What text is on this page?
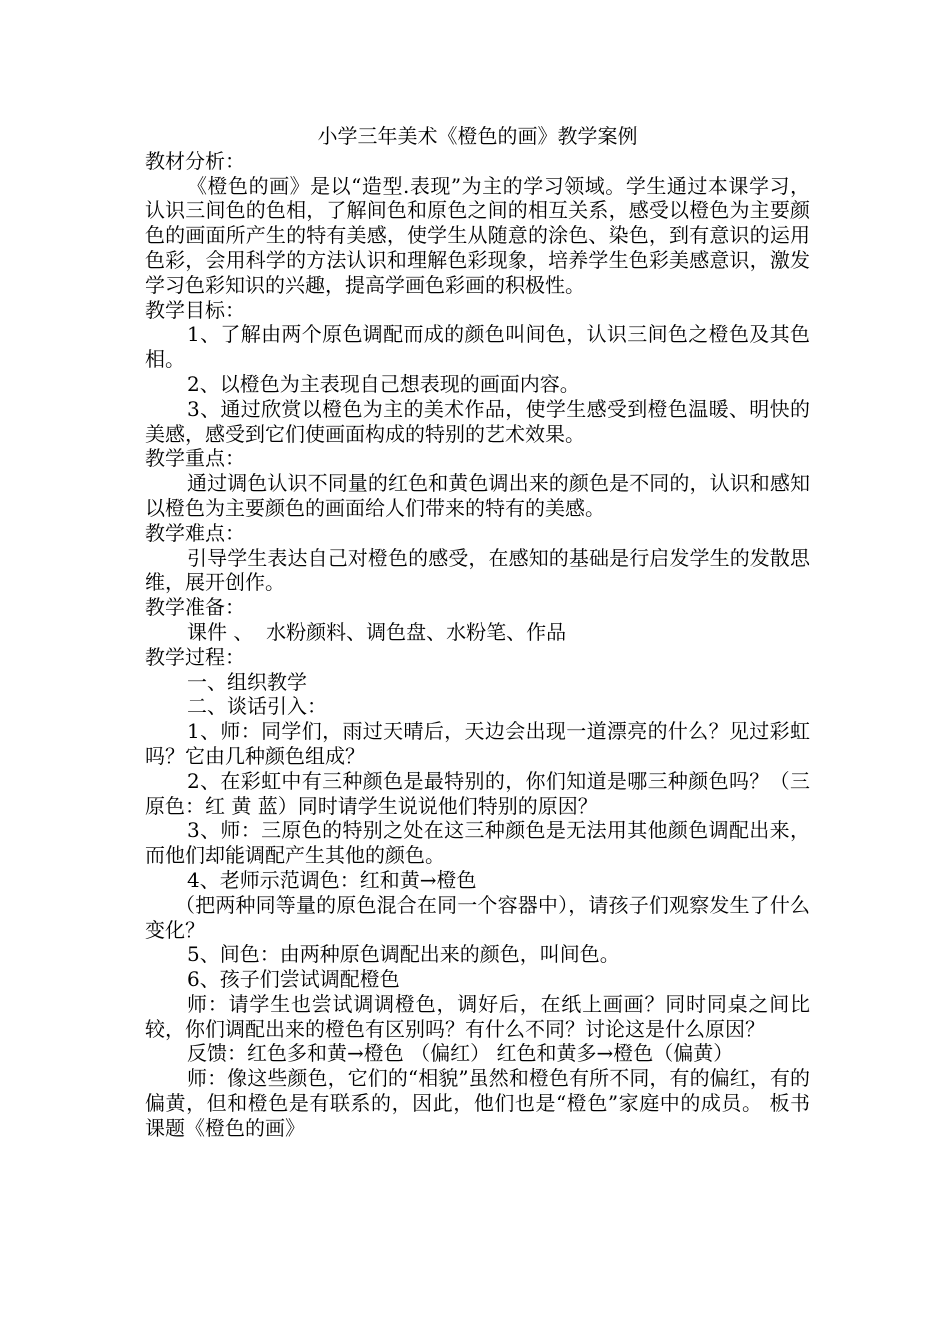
小学三年美术《橙色的画》教学案例

教材分析：

《橙色的画》是以“造型.表现”为主的学习领域。学生通过本课学习，认识三间色的色相，了解间色和原色之间的相互关系，感受以橙色为主要颜色的画面所产生的特有美感，使学生从随意的涂色、染色，到有意识的运用色彩，会用科学的方法认识和理解色彩现象，培养学生色彩美感意识，激发学习色彩知识的兴趣，提高学画色彩画的积极性。

教学目标：

1、了解由两个原色调配而成的颜色叫间色，认识三间色之橙色及其色相。

2、以橙色为主表现自己想表现的画面内容。

3、通过欣赏以橙色为主的美术作品，使学生感受到橙色温暖、明快的美感，感受到它们使画面构成的特别的艺术效果。

教学重点：

通过调色认识不同量的红色和黄色调出来的颜色是不同的，认识和感知以橙色为主要颜色的画面给人们带来的特有的美感。

教学难点：

引导学生表达自己对橙色的感受，在感知的基础是行启发学生的发散思维，展开创作。

教学准备：

课件 、  水粉颜料、调色盘、水粉笔、作品

教学过程：

一、组织教学

二、谈话引入：

1、师：同学们，雨过天晴后，天边会出现一道漂亮的什么？见过彩虹吗？它由几种颜色组成？

2、在彩虹中有三种颜色是最特别的，你们知道是哪三种颜色吗？（三原色：红 黄 蓝）同时请学生说说他们特别的原因？

3、师：三原色的特别之处在这三种颜色是无法用其他颜色调配出来，而他们却能调配产生其他的颜色。

4、老师示范调色：红和黄→橙色

（把两种同等量的原色混合在同一个容器中），请孩子们观察发生了什么变化？

5、间色：由两种原色调配出来的颜色，叫间色。

6、孩子们尝试调配橙色

师：请学生也尝试调调橙色，调好后，在纸上画画？同时同桌之间比较，你们调配出来的橙色有区别吗？有什么不同？讨论这是什么原因？

反馈：红色多和黄→橙色 （偏红） 红色和黄多→橙色（偏黄）

师：像这些颜色，它们的“相貌”虽然和橙色有所不同，有的偏红，有的偏黄，但和橙色是有联系的，因此，他们也是“橙色”家庭中的成员。 板书课题《橙色的画》
